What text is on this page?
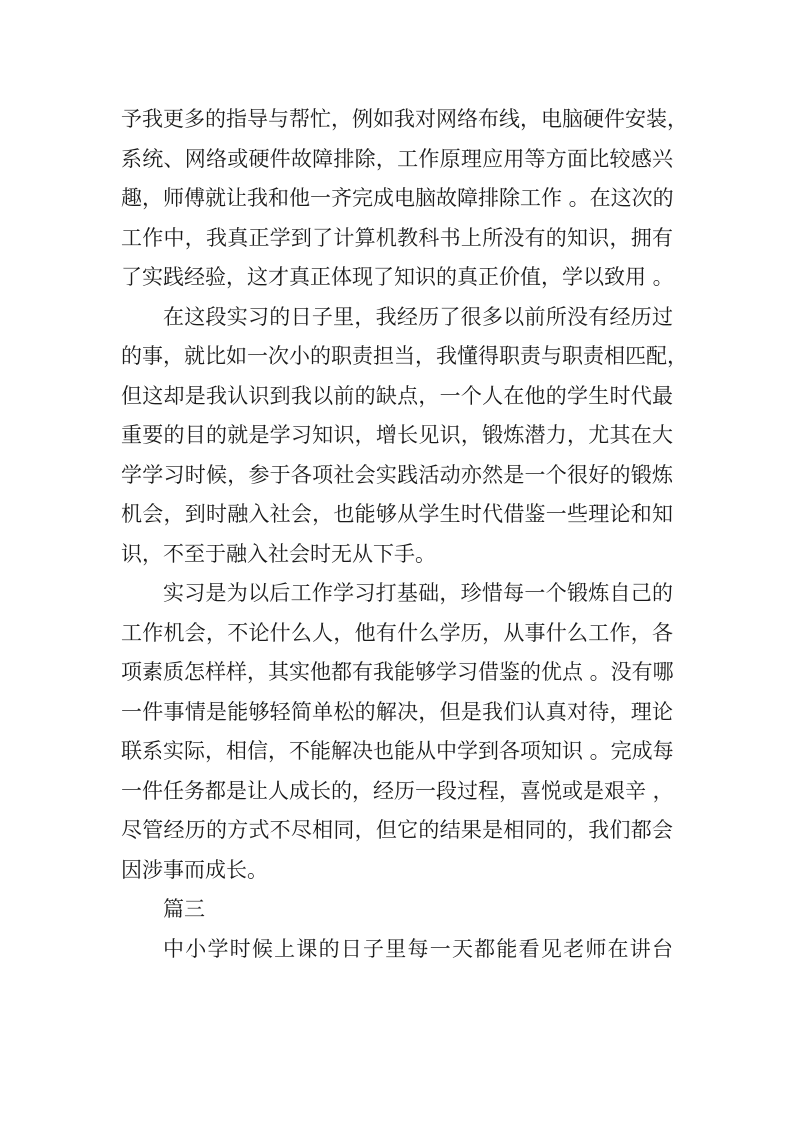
予我更多的指导与帮忙，例如我对网络布线，电脑硬件安装，
系统、网络或硬件故障排除，工作原理应用等方面比较感兴
趣，师傅就让我和他一齐完成电脑故障排除工作 。在这次的
工作中，我真正学到了计算机教科书上所没有的知识，拥有
了实践经验，这才真正体现了知识的真正价值，学以致用 。
在这段实习的日子里，我经历了很多以前所没有经历过
的事，就比如一次小的职责担当，我懂得职责与职责相匹配，
但这却是我认识到我以前的缺点，一个人在他的学生时代最
重要的目的就是学习知识，增长见识，锻炼潜力，尤其在大
学学习时候，参于各项社会实践活动亦然是一个很好的锻炼
机会，到时融入社会，也能够从学生时代借鉴一些理论和知
识，不至于融入社会时无从下手。
实习是为以后工作学习打基础，珍惜每一个锻炼自己的
工作机会，不论什么人，他有什么学历，从事什么工作，各
项素质怎样样，其实他都有我能够学习借鉴的优点 。没有哪
一件事情是能够轻简单松的解决，但是我们认真对待，理论
联系实际，相信，不能解决也能从中学到各项知识 。完成每
一件任务都是让人成长的，经历一段过程，喜悦或是艰辛 ，
尽管经历的方式不尽相同，但它的结果是相同的，我们都会
因涉事而成长。
篇三
中小学时候上课的日子里每一天都能看见老师在讲台
